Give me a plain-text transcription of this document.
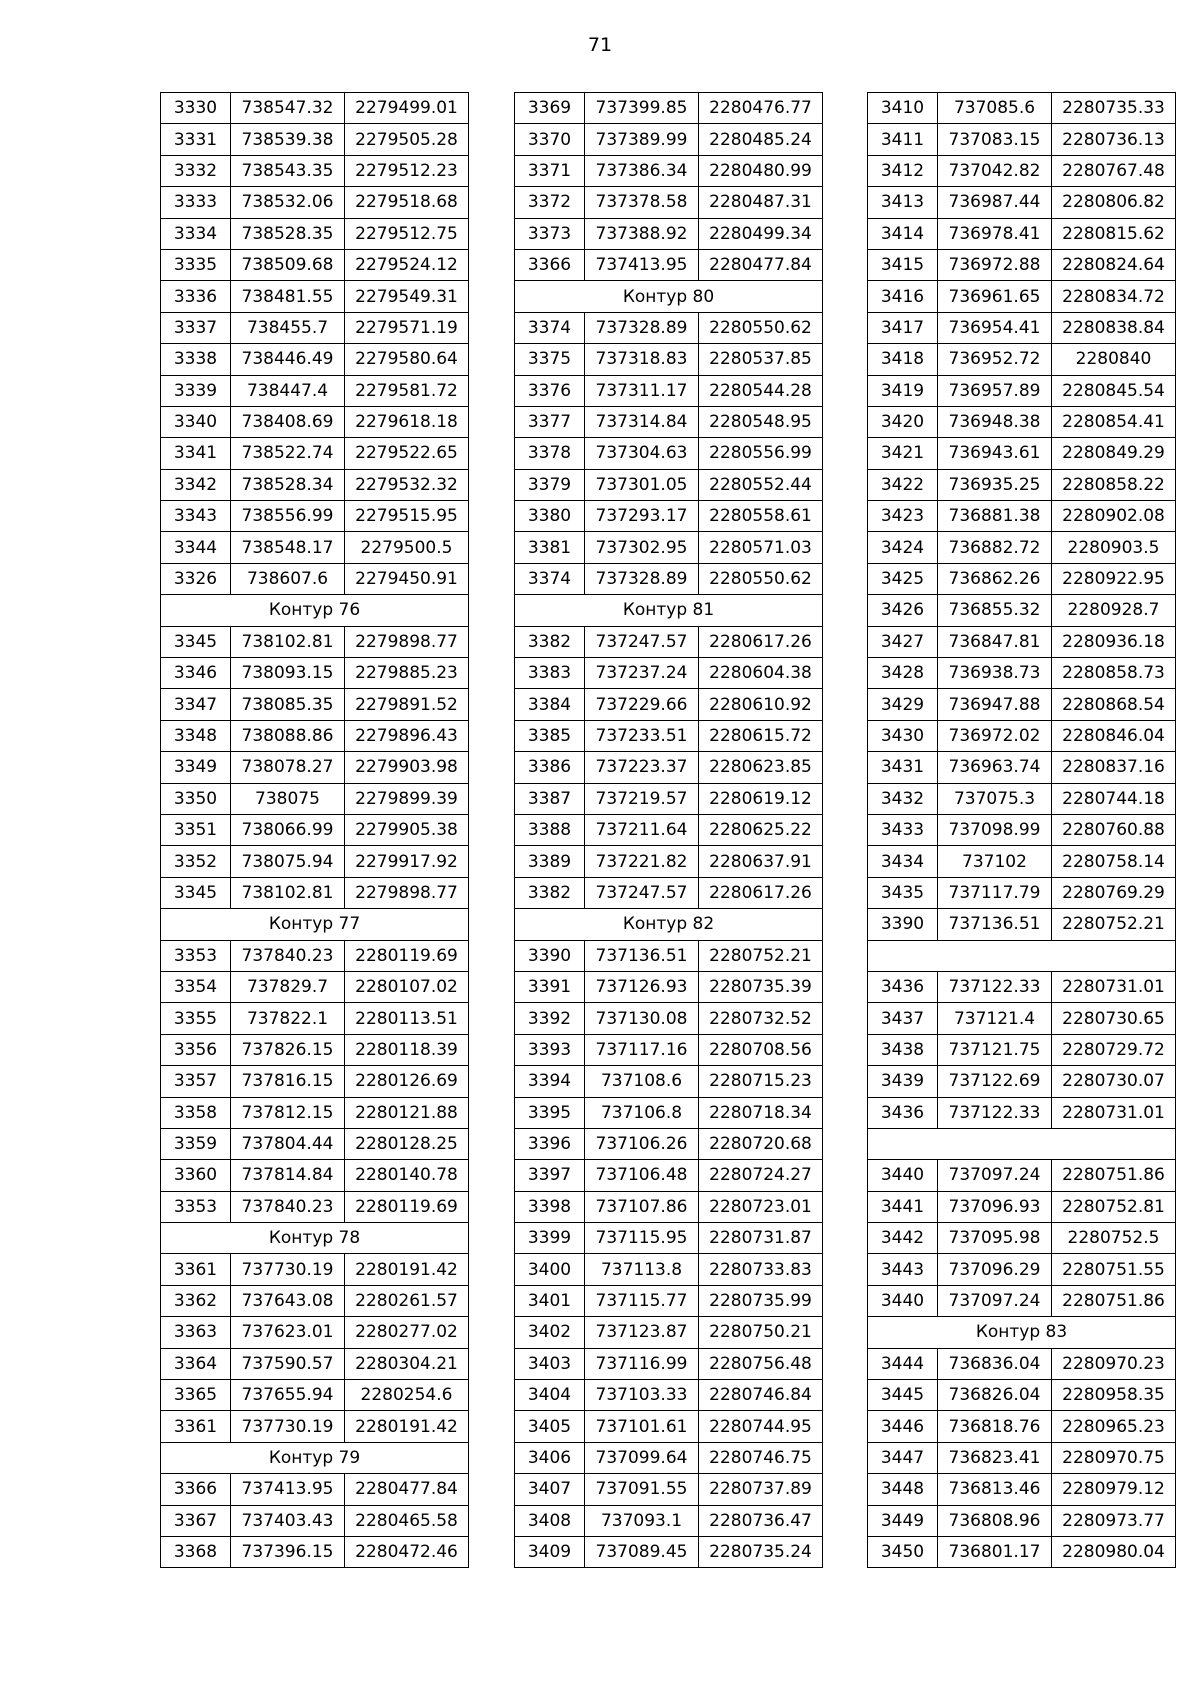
71
3330	738547.32	2279499.01
3331	738539.38	2279505.28
3332	738543.35	2279512.23
3333	738532.06	2279518.68
3334	738528.35	2279512.75
3335	738509.68	2279524.12
3336	738481.55	2279549.31
3337	738455.7	2279571.19
3338	738446.49	2279580.64
3339	738447.4	2279581.72
3340	738408.69	2279618.18
3341	738522.74	2279522.65
3342	738528.34	2279532.32
3343	738556.99	2279515.95
3344	738548.17	2279500.5
3326	738607.6	2279450.91
Контур 76		
3345	738102.81	2279898.77
3346	738093.15	2279885.23
3347	738085.35	2279891.52
3348	738088.86	2279896.43
3349	738078.27	2279903.98
3350	738075	2279899.39
3351	738066.99	2279905.38
3352	738075.94	2279917.92
3345	738102.81	2279898.77
Контур 77		
3353	737840.23	2280119.69
3354	737829.7	2280107.02
3355	737822.1	2280113.51
3356	737826.15	2280118.39
3357	737816.15	2280126.69
3358	737812.15	2280121.88
3359	737804.44	2280128.25
3360	737814.84	2280140.78
3353	737840.23	2280119.69
Контур 78		
3361	737730.19	2280191.42
3362	737643.08	2280261.57
3363	737623.01	2280277.02
3364	737590.57	2280304.21
3365	737655.94	2280254.6
3361	737730.19	2280191.42
Контур 79		
3366	737413.95	2280477.84
3367	737403.43	2280465.58
3368	737396.15	2280472.46
3369	737399.85	2280476.77
3370	737389.99	2280485.24
3371	737386.34	2280480.99
3372	737378.58	2280487.31
3373	737388.92	2280499.34
3366	737413.95	2280477.84
Контур 80		
3374	737328.89	2280550.62
3375	737318.83	2280537.85
3376	737311.17	2280544.28
3377	737314.84	2280548.95
3378	737304.63	2280556.99
3379	737301.05	2280552.44
3380	737293.17	2280558.61
3381	737302.95	2280571.03
3374	737328.89	2280550.62
Контур 81		
3382	737247.57	2280617.26
3383	737237.24	2280604.38
3384	737229.66	2280610.92
3385	737233.51	2280615.72
3386	737223.37	2280623.85
3387	737219.57	2280619.12
3388	737211.64	2280625.22
3389	737221.82	2280637.91
3382	737247.57	2280617.26
Контур 82		
3390	737136.51	2280752.21
3391	737126.93	2280735.39
3392	737130.08	2280732.52
3393	737117.16	2280708.56
3394	737108.6	2280715.23
3395	737106.8	2280718.34
3396	737106.26	2280720.68
3397	737106.48	2280724.27
3398	737107.86	2280723.01
3399	737115.95	2280731.87
3400	737113.8	2280733.83
3401	737115.77	2280735.99
3402	737123.87	2280750.21
3403	737116.99	2280756.48
3404	737103.33	2280746.84
3405	737101.61	2280744.95
3406	737099.64	2280746.75
3407	737091.55	2280737.89
3408	737093.1	2280736.47
3409	737089.45	2280735.24
3410	737085.6	2280735.33
3411	737083.15	2280736.13
3412	737042.82	2280767.48
3413	736987.44	2280806.82
3414	736978.41	2280815.62
3415	736972.88	2280824.64
3416	736961.65	2280834.72
3417	736954.41	2280838.84
3418	736952.72	2280840
3419	736957.89	2280845.54
3420	736948.38	2280854.41
3421	736943.61	2280849.29
3422	736935.25	2280858.22
3423	736881.38	2280902.08
3424	736882.72	2280903.5
3425	736862.26	2280922.95
3426	736855.32	2280928.7
3427	736847.81	2280936.18
3428	736938.73	2280858.73
3429	736947.88	2280868.54
3430	736972.02	2280846.04
3431	736963.74	2280837.16
3432	737075.3	2280744.18
3433	737098.99	2280760.88
3434	737102	2280758.14
3435	737117.79	2280769.29
3390	737136.51	2280752.21

3436	737122.33	2280731.01
3437	737121.4	2280730.65
3438	737121.75	2280729.72
3439	737122.69	2280730.07
3436	737122.33	2280731.01

3440	737097.24	2280751.86
3441	737096.93	2280752.81
3442	737095.98	2280752.5
3443	737096.29	2280751.55
3440	737097.24	2280751.86
Контур 83		
3444	736836.04	2280970.23
3445	736826.04	2280958.35
3446	736818.76	2280965.23
3447	736823.41	2280970.75
3448	736813.46	2280979.12
3449	736808.96	2280973.77
3450	736801.17	2280980.04
